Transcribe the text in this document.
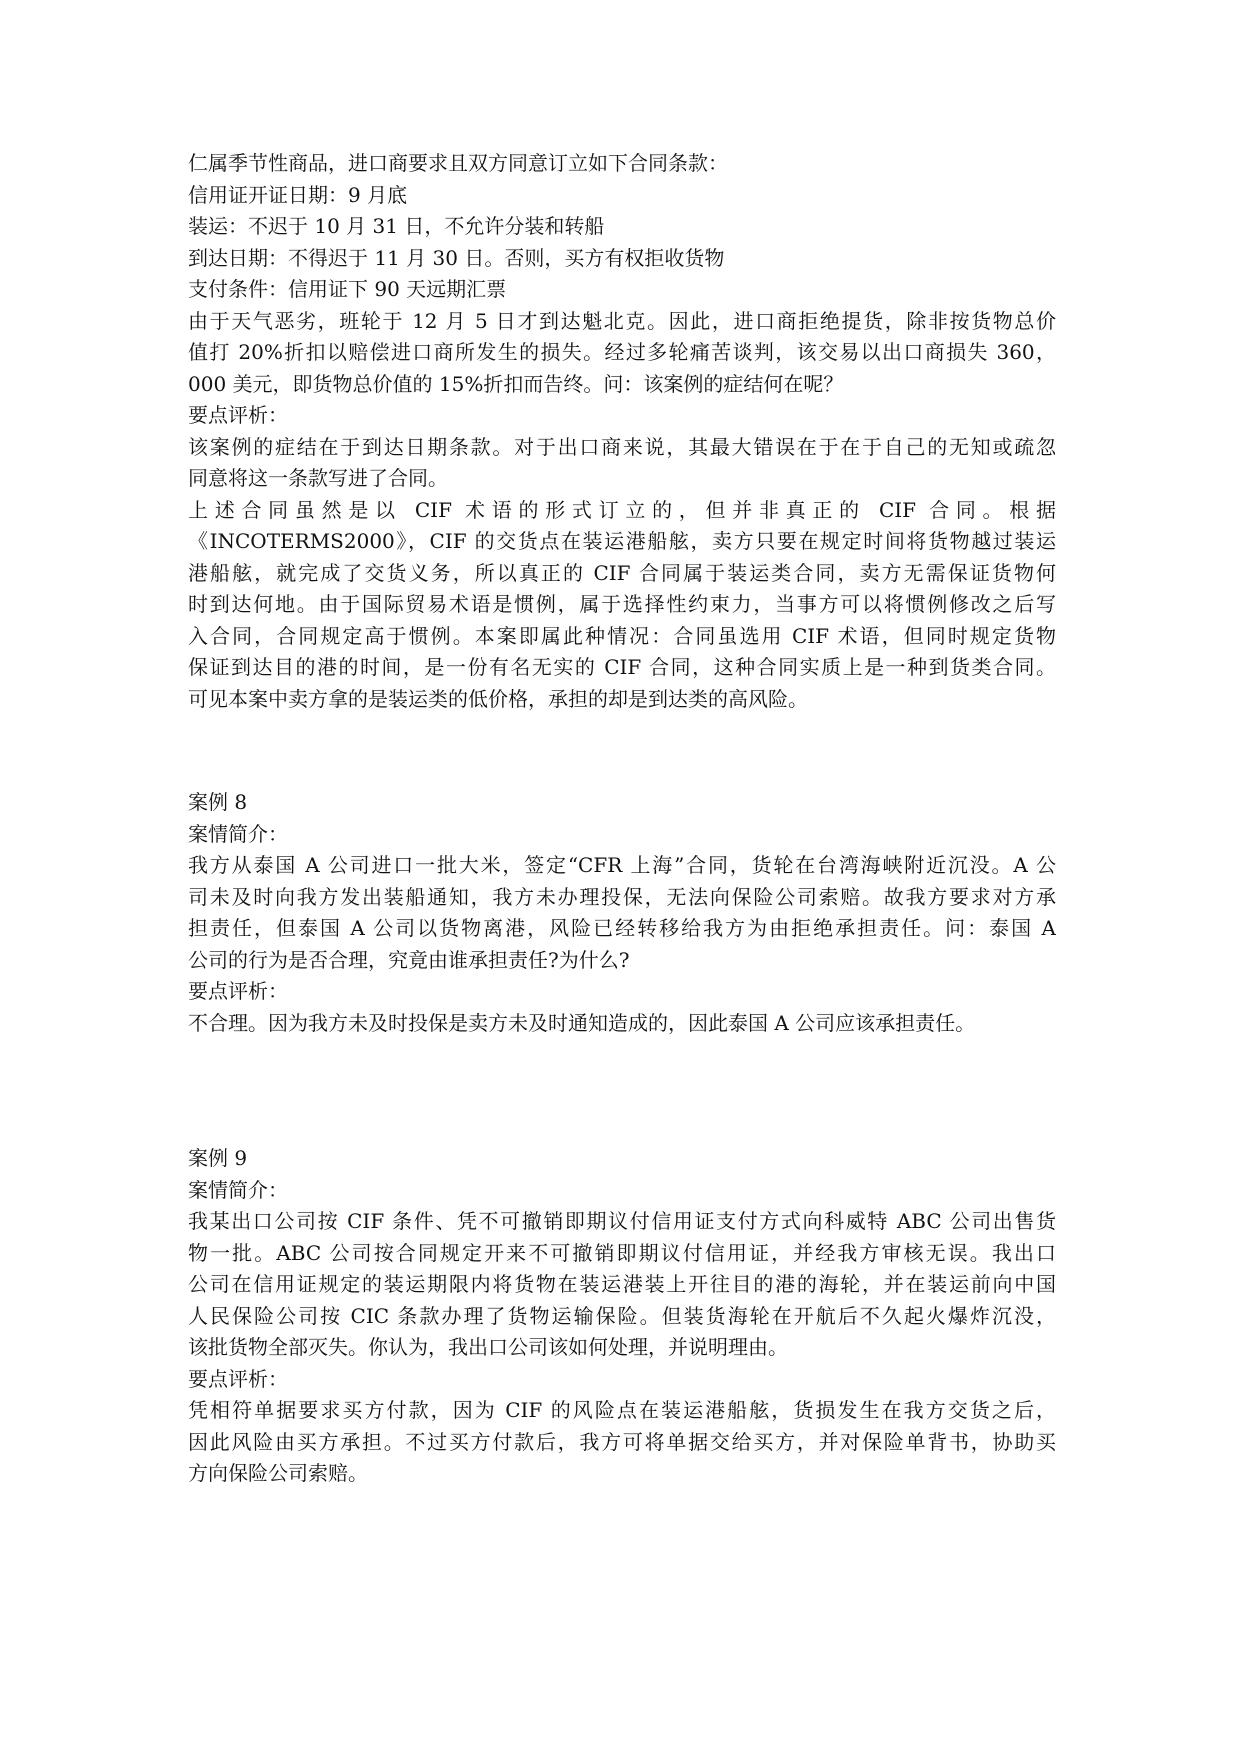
仁属季节性商品，进口商要求且双方同意订立如下合同条款：
信用证开证日期：9 月底
装运：不迟于 10 月 31 日，不允许分装和转船
到达日期：不得迟于 11 月 30 日。否则，买方有权拒收货物
支付条件：信用证下 90 天远期汇票
由于天气恶劣，班轮于 12 月 5 日才到达魁北克。因此，进口商拒绝提货，除非按货物总价
值打 20%折扣以赔偿进口商所发生的损失。经过多轮痛苦谈判，该交易以出口商损失 360，
000 美元，即货物总价值的 15%折扣而告终。问：该案例的症结何在呢？
要点评析：
该案例的症结在于到达日期条款。对于出口商来说，其最大错误在于在于自己的无知或疏忽
同意将这一条款写进了合同。
上述合同虽然是以 CIF 术语的形式订立的，但并非真正的 CIF 合同。根据
《INCOTERMS2000》，CIF 的交货点在装运港船舷，卖方只要在规定时间将货物越过装运
港船舷，就完成了交货义务，所以真正的 CIF 合同属于装运类合同，卖方无需保证货物何
时到达何地。由于国际贸易术语是惯例，属于选择性约束力，当事方可以将惯例修改之后写
入合同，合同规定高于惯例。本案即属此种情况：合同虽选用 CIF 术语，但同时规定货物
保证到达目的港的时间，是一份有名无实的 CIF 合同，这种合同实质上是一种到货类合同。
可见本案中卖方拿的是装运类的低价格，承担的却是到达类的高风险。
案例 8
案情简介：
我方从泰国 A 公司进口一批大米，签定“CFR 上海”合同，货轮在台湾海峡附近沉没。A 公
司未及时向我方发出装船通知，我方未办理投保，无法向保险公司索赔。故我方要求对方承
担责任，但泰国 A 公司以货物离港，风险已经转移给我方为由拒绝承担责任。问：泰国 A
公司的行为是否合理，究竟由谁承担责任?为什么?
要点评析：
不合理。因为我方未及时投保是卖方未及时通知造成的，因此泰国 A 公司应该承担责任。
案例 9
案情简介：
我某出口公司按 CIF 条件、凭不可撤销即期议付信用证支付方式向科威特 ABC 公司出售货
物一批。ABC 公司按合同规定开来不可撤销即期议付信用证，并经我方审核无误。我出口
公司在信用证规定的装运期限内将货物在装运港装上开往目的港的海轮，并在装运前向中国
人民保险公司按 CIC 条款办理了货物运输保险。但装货海轮在开航后不久起火爆炸沉没，
该批货物全部灭失。你认为，我出口公司该如何处理，并说明理由。
要点评析：
凭相符单据要求买方付款，因为 CIF 的风险点在装运港船舷，货损发生在我方交货之后，
因此风险由买方承担。不过买方付款后，我方可将单据交给买方，并对保险单背书，协助买
方向保险公司索赔。
